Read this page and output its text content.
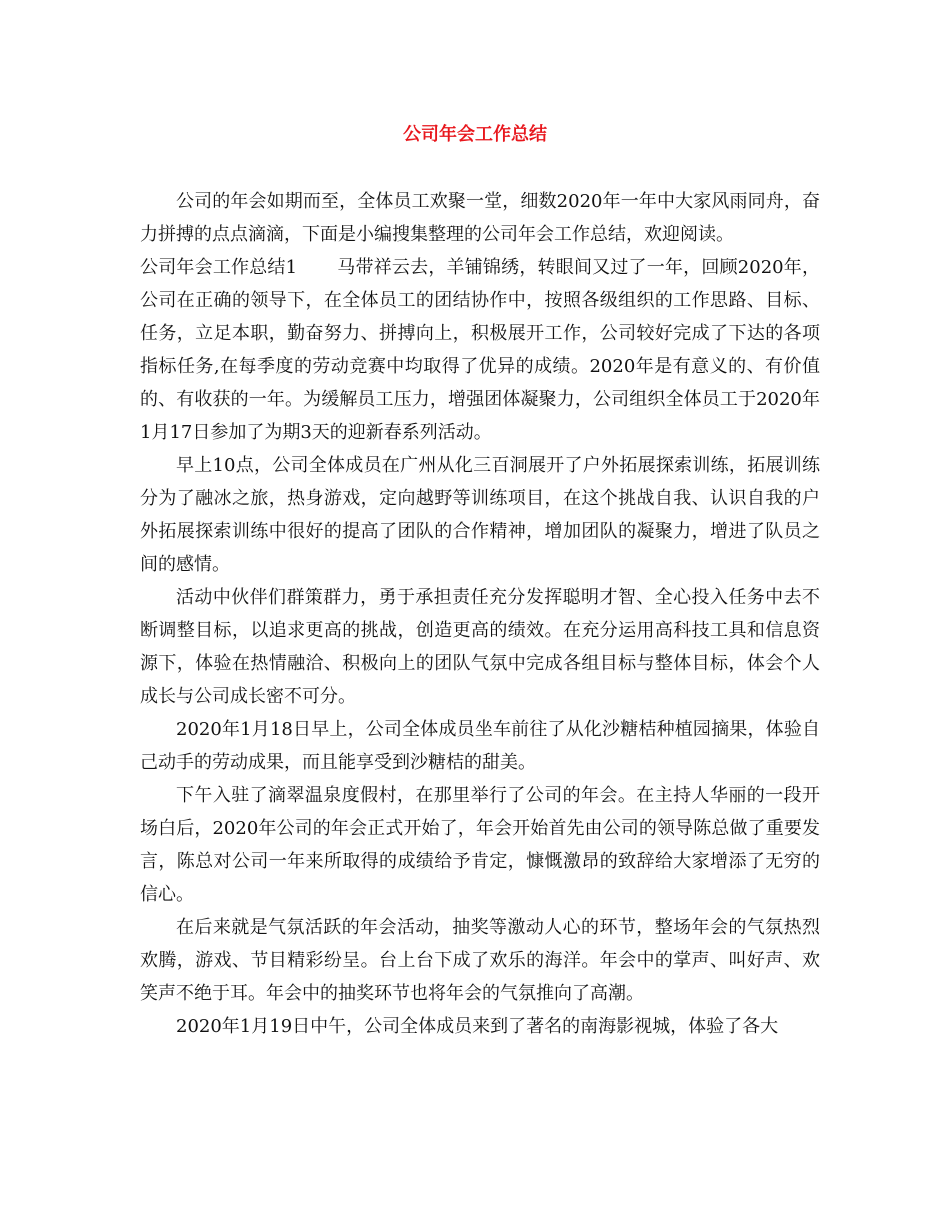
公司年会工作总结

公司的年会如期而至，全体员工欢聚一堂，细数2020年一年中大家风雨同舟，奋力拼搏的点点滴滴，下面是小编搜集整理的公司年会工作总结，欢迎阅读。

公司年会工作总结1 马带祥云去，羊铺锦绣，转眼间又过了一年，回顾2020年，公司在正确的领导下，在全体员工的团结协作中，按照各级组织的工作思路、目标、任务，立足本职，勤奋努力、拼搏向上，积极展开工作，公司较好完成了下达的各项指标任务,在每季度的劳动竞赛中均取得了优异的成绩。2020年是有意义的、有价值的、有收获的一年。为缓解员工压力，增强团体凝聚力，公司组织全体员工于2020年1月17日参加了为期3天的迎新春系列活动。

早上10点，公司全体成员在广州从化三百洞展开了户外拓展探索训练，拓展训练分为了融冰之旅，热身游戏，定向越野等训练项目，在这个挑战自我、认识自我的户外拓展探索训练中很好的提高了团队的合作精神，增加团队的凝聚力，增进了队员之间的感情。

活动中伙伴们群策群力，勇于承担责任充分发挥聪明才智、全心投入任务中去不断调整目标，以追求更高的挑战，创造更高的绩效。在充分运用高科技工具和信息资源下，体验在热情融洽、积极向上的团队气氛中完成各组目标与整体目标，体会个人成长与公司成长密不可分。

2020年1月18日早上，公司全体成员坐车前往了从化沙糖桔种植园摘果，体验自己动手的劳动成果，而且能享受到沙糖桔的甜美。

下午入驻了滴翠温泉度假村，在那里举行了公司的年会。在主持人华丽的一段开场白后，2020年公司的年会正式开始了，年会开始首先由公司的领导陈总做了重要发言，陈总对公司一年来所取得的成绩给予肯定，慷慨激昂的致辞给大家增添了无穷的信心。

在后来就是气氛活跃的年会活动，抽奖等激动人心的环节，整场年会的气氛热烈欢腾，游戏、节目精彩纷呈。台上台下成了欢乐的海洋。年会中的掌声、叫好声、欢笑声不绝于耳。年会中的抽奖环节也将年会的气氛推向了高潮。

2020年1月19日中午，公司全体成员来到了著名的南海影视城，体验了各大
